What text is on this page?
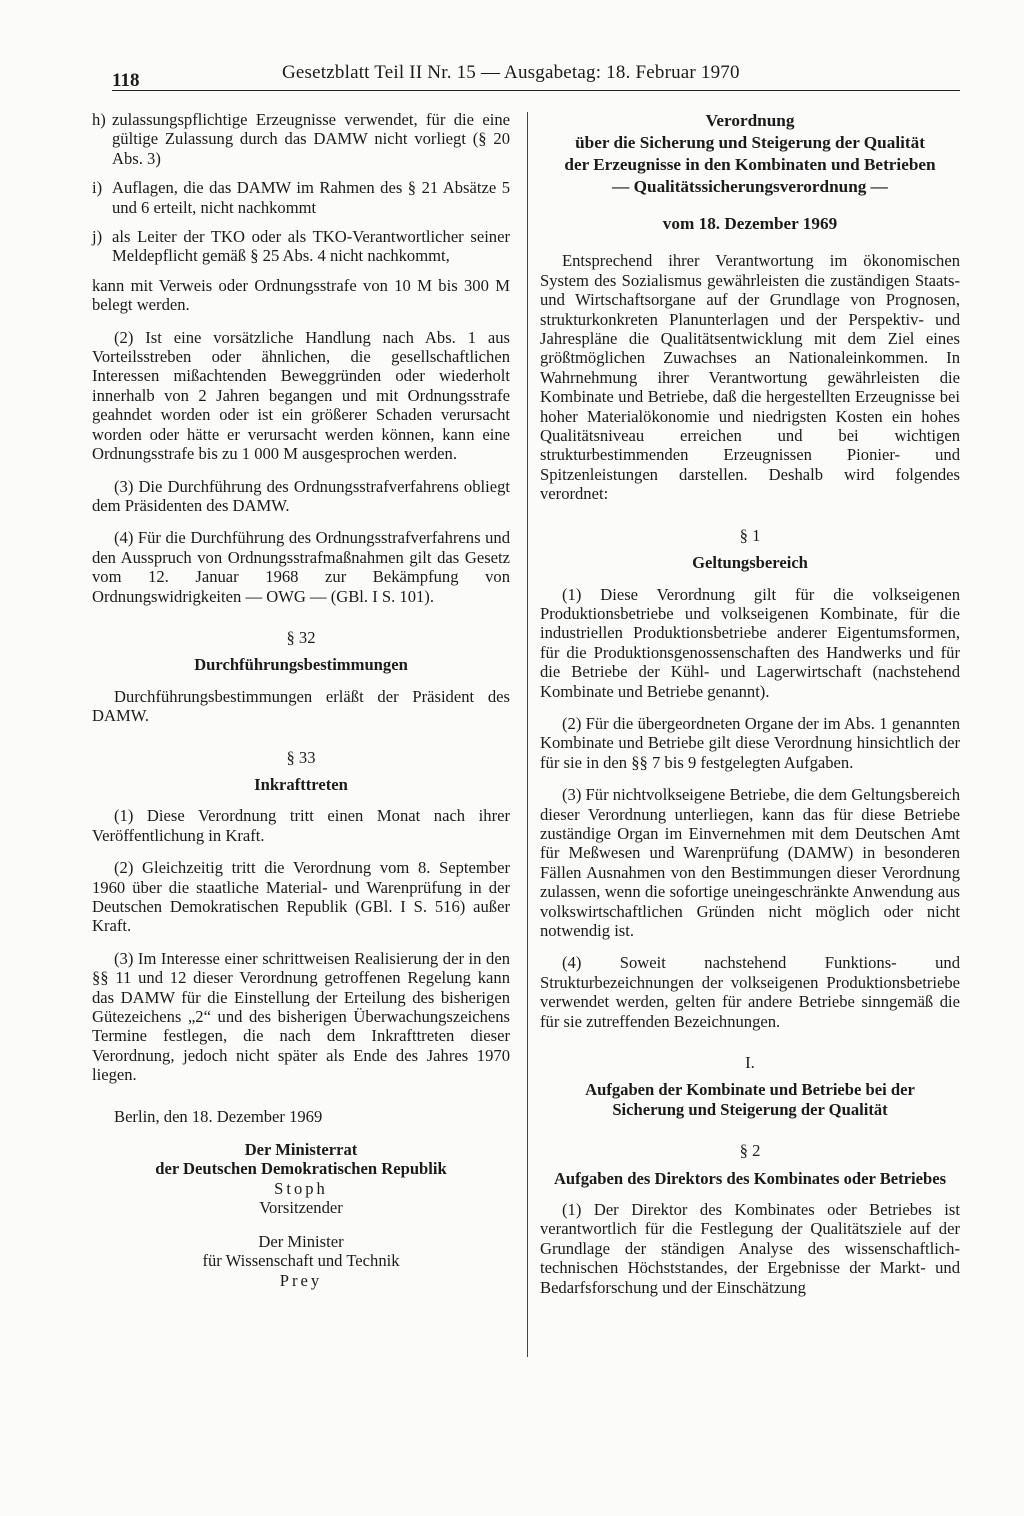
118	Gesetzblatt Teil II Nr. 15 — Ausgabetag: 18. Februar 1970
h) zulassungspflichtige Erzeugnisse verwendet, für die eine gültige Zulassung durch das DAMW nicht vorliegt (§ 20 Abs. 3)
i) Auflagen, die das DAMW im Rahmen des § 21 Absätze 5 und 6 erteilt, nicht nachkommt
j) als Leiter der TKO oder als TKO-Verantwortlicher seiner Meldepflicht gemäß § 25 Abs. 4 nicht nachkommt,

kann mit Verweis oder Ordnungsstrafe von 10 M bis 300 M belegt werden.

(2) Ist eine vorsätzliche Handlung nach Abs. 1 aus Vorteilsstreben oder ähnlichen, die gesellschaftlichen Interessen mißachtenden Beweggründen oder wiederholt innerhalb von 2 Jahren begangen und mit Ordnungsstrafe geahndet worden oder ist ein größerer Schaden verursacht worden oder hätte er verursacht werden können, kann eine Ordnungsstrafe bis zu 1 000 M ausgesprochen werden.

(3) Die Durchführung des Ordnungsstrafverfahrens obliegt dem Präsidenten des DAMW.

(4) Für die Durchführung des Ordnungsstrafverfahrens und den Ausspruch von Ordnungsstrafmaßnahmen gilt das Gesetz vom 12. Januar 1968 zur Bekämpfung von Ordnungswidrigkeiten — OWG — (GBl. I S. 101).

§ 32

Durchführungsbestimmungen

Durchführungsbestimmungen erläßt der Präsident des DAMW.

§ 33

Inkrafttreten

(1) Diese Verordnung tritt einen Monat nach ihrer Veröffentlichung in Kraft.

(2) Gleichzeitig tritt die Verordnung vom 8. September 1960 über die staatliche Material- und Warenprüfung in der Deutschen Demokratischen Republik (GBl. I S. 516) außer Kraft.

(3) Im Interesse einer schrittweisen Realisierung der in den §§ 11 und 12 dieser Verordnung getroffenen Regelung kann das DAMW für die Einstellung der Erteilung des bisherigen Gütezeichens „2“ und des bisherigen Überwachungszeichens Termine festlegen, die nach dem Inkrafttreten dieser Verordnung, jedoch nicht später als Ende des Jahres 1970 liegen.

Berlin, den 18. Dezember 1969

Der Ministerrat
der Deutschen Demokratischen Republik
Stoph
Vorsitzender
Der Minister
für Wissenschaft und Technik
Prey
Verordnung
über die Sicherung und Steigerung der Qualität
der Erzeugnisse in den Kombinaten und Betrieben
— Qualitätssicherungsverordnung —

vom 18. Dezember 1969

Entsprechend ihrer Verantwortung im ökonomischen System des Sozialismus gewährleisten die zuständigen Staats- und Wirtschaftsorgane auf der Grundlage von Prognosen, strukturkonkreten Planunterlagen und der Perspektiv- und Jahrespläne die Qualitätsentwicklung mit dem Ziel eines größtmöglichen Zuwachses an Nationaleinkommen. In Wahrnehmung ihrer Verantwortung gewährleisten die Kombinate und Betriebe, daß die hergestellten Erzeugnisse bei hoher Materialökonomie und niedrigsten Kosten ein hohes Qualitätsniveau erreichen und bei wichtigen strukturbestimmenden Erzeugnissen Pionier- und Spitzenleistungen darstellen. Deshalb wird folgendes verordnet:

§ 1

Geltungsbereich

(1) Diese Verordnung gilt für die volkseigenen Produktionsbetriebe und volkseigenen Kombinate, für die industriellen Produktionsbetriebe anderer Eigentumsformen, für die Produktionsgenossenschaften des Handwerks und für die Betriebe der Kühl- und Lagerwirtschaft (nachstehend Kombinate und Betriebe genannt).

(2) Für die übergeordneten Organe der im Abs. 1 genannten Kombinate und Betriebe gilt diese Verordnung hinsichtlich der für sie in den §§ 7 bis 9 festgelegten Aufgaben.

(3) Für nichtvolkseigene Betriebe, die dem Geltungsbereich dieser Verordnung unterliegen, kann das für diese Betriebe zuständige Organ im Einvernehmen mit dem Deutschen Amt für Meßwesen und Warenprüfung (DAMW) in besonderen Fällen Ausnahmen von den Bestimmungen dieser Verordnung zulassen, wenn die sofortige uneingeschränkte Anwendung aus volkswirtschaftlichen Gründen nicht möglich oder nicht notwendig ist.

(4) Soweit nachstehend Funktions- und Strukturbezeichnungen der volkseigenen Produktionsbetriebe verwendet werden, gelten für andere Betriebe sinngemäß die für sie zutreffenden Bezeichnungen.

I.

Aufgaben der Kombinate und Betriebe bei der
Sicherung und Steigerung der Qualität

§ 2

Aufgaben des Direktors des Kombinates oder Betriebes

(1) Der Direktor des Kombinates oder Betriebes ist verantwortlich für die Festlegung der Qualitätsziele auf der Grundlage der ständigen Analyse des wissenschaftlich-technischen Höchststandes, der Ergebnisse der Markt- und Bedarfsforschung und der Einschätzung
